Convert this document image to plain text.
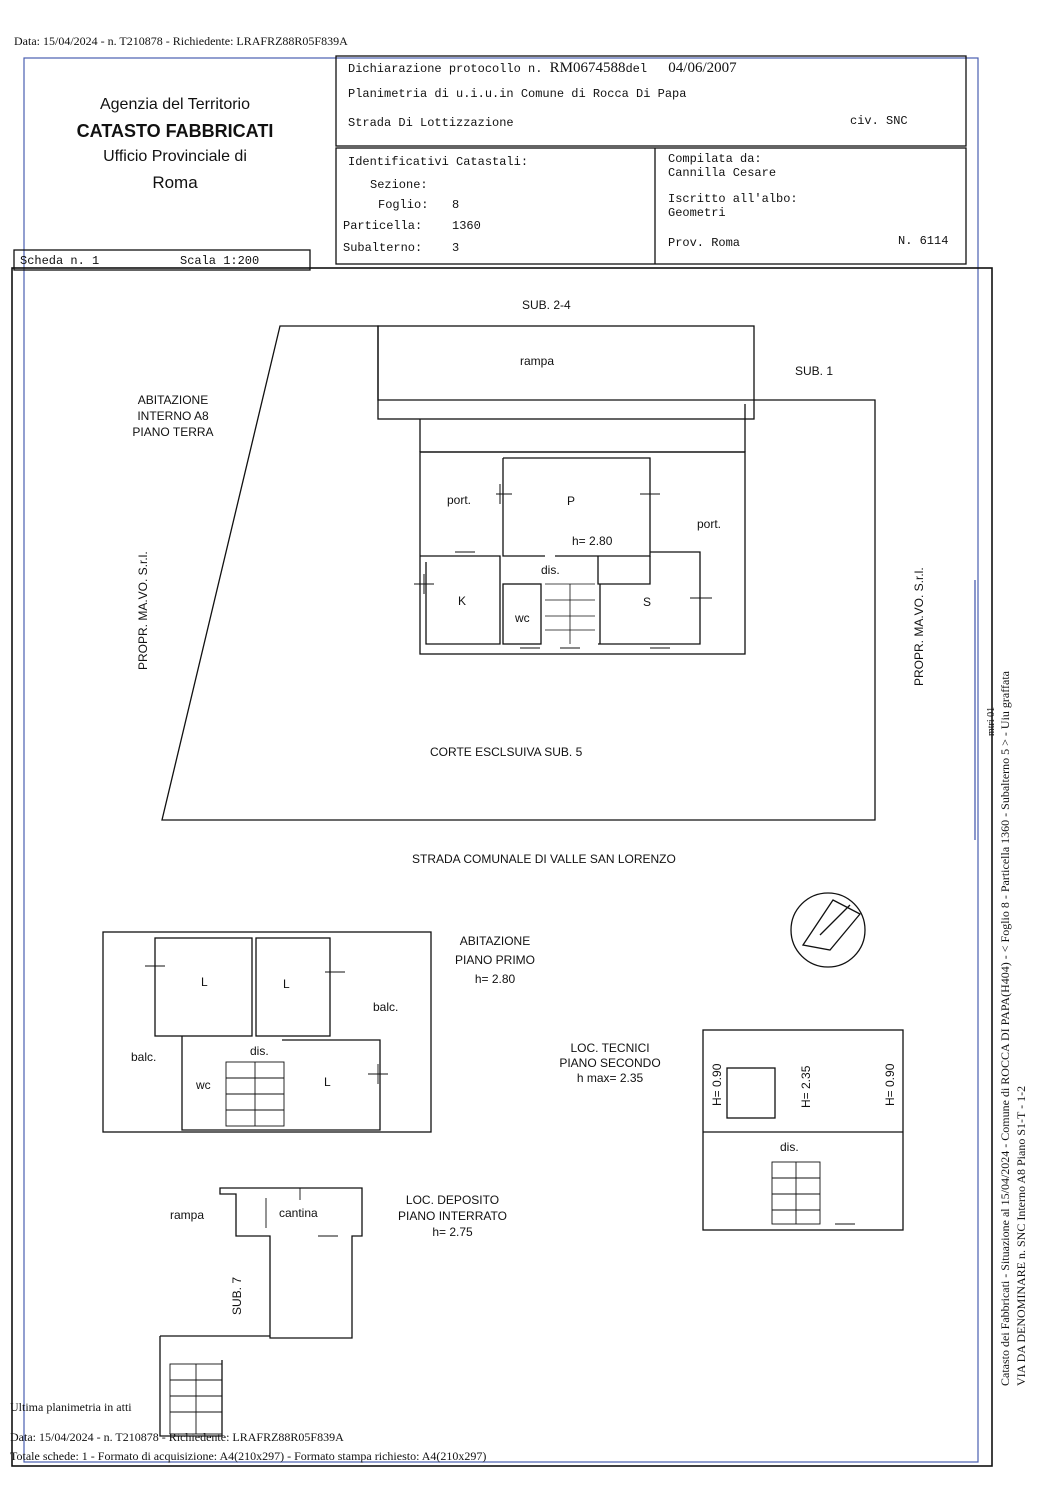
Data: 15/04/2024 - n. T210878 - Richiedente: LRAFRZ88R05F839A
Agenzia del Territorio
CATASTO FABBRICATI
Ufficio Provinciale di
Roma
Dichiarazione protocollo n. RM0674588del 04/06/2007
Planimetria di u.i.u.in Comune di Rocca Di Papa
Strada Di Lottizzazione	civ. SNC
Identificativi Catastali:
Sezione:
Foglio: 8
Particella: 1360
Subalterno: 3
Compilata da:
Cannilla Cesare
Iscritto all'albo:
Geometri
Prov. Roma	N. 6114
Scheda n. 1	Scala 1:200
SUB. 2-4
rampa
SUB. 1
ABITAZIONE
INTERNO A8
PIANO TERRA
port.	P
h= 2.80
port.
dis.
K
wc
S
PROPR. MA.VO. S.r.l.	PROPR. MA.VO. S.r.l.
CORTE ESCLSUIVA SUB. 5
STRADA COMUNALE DI VALLE SAN LORENZO
ABITAZIONE
PIANO PRIMO
h= 2.80
L	L
balc.
dis.
balc.
wc	L
LOC. TECNICI
PIANO SECONDO
h max= 2.35	H= 0.90	H= 2.35	H= 0.90
dis.
LOC. DEPOSITO
PIANO INTERRATO
h= 2.75
rampa	cantina
SUB. 7	Catasto dei Fabbricati - Situazione al 15/04/2024 - Comune di ROCCA DI PAPA(H404) - < Foglio 8 - Particella 1360 - Subalterno 5 > - Uiu graffata VIA DA DENOMINARE n. SNC Interno A8 Piano S1-T - 1-2
mtri 01
Ultima planimetria in atti
Data: 15/04/2024 - n. T210878 - Richiedente: LRAFRZ88R05F839A
Totale schede: 1 - Formato di acquisizione: A4(210x297) - Formato stampa richiesto: A4(210x297)
